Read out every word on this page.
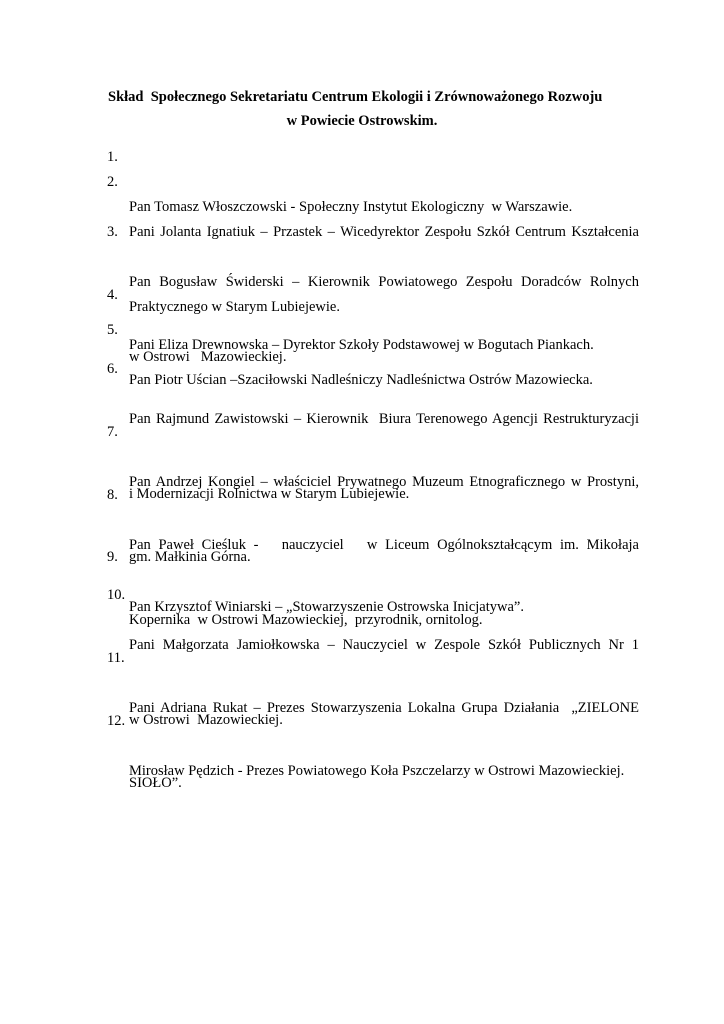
Skład  Społecznego Sekretariatu Centrum Ekologii i Zrównoważonego Rozwoju
w Powiecie Ostrowskim.
1.

Pan Tomasz Włoszczowski - Społeczny Instytut Ekologiczny  w Warszawie.

2.

Pani Jolanta Ignatiuk – Przastek – Wicedyrektor Zespołu Szkół Centrum Kształcenia

Praktycznego w Starym Lubiejewie.

3.

Pan Bogusław Świderski – Kierownik Powiatowego Zespołu Doradców Rolnych

w Ostrowi   Mazowieckiej.

4.

Pani Eliza Drewnowska – Dyrektor Szkoły Podstawowej w Bogutach Piankach.

5.

Pan Piotr Uścian –Szaciłowski Nadleśniczy Nadleśnictwa Ostrów Mazowiecka.

6.

Pan Rajmund Zawistowski – Kierownik  Biura Terenowego Agencji Restrukturyzacji

i Modernizacji Rolnictwa w Starym Lubiejewie.

7.

Pan Andrzej Kongiel – właściciel Prywatnego Muzeum Etnograficznego w Prostyni,

gm. Małkinia Górna.

8.

Pan Paweł Cieśluk -   nauczyciel   w Liceum Ogólnokształcącym im. Mikołaja

Kopernika  w Ostrowi Mazowieckiej,  przyrodnik, ornitolog.

9.

Pan Krzysztof Winiarski – „Stowarzyszenie Ostrowska Inicjatywa”.

10.

Pani Małgorzata Jamiołkowska – Nauczyciel w Zespole Szkół Publicznych Nr 1

w Ostrowi  Mazowieckiej.

11.

Pani Adriana Rukat – Prezes Stowarzyszenia Lokalna Grupa Działania  „ZIELONE

SIOŁO”.

12.

Mirosław Pędzich - Prezes Powiatowego Koła Pszczelarzy w Ostrowi Mazowieckiej.
